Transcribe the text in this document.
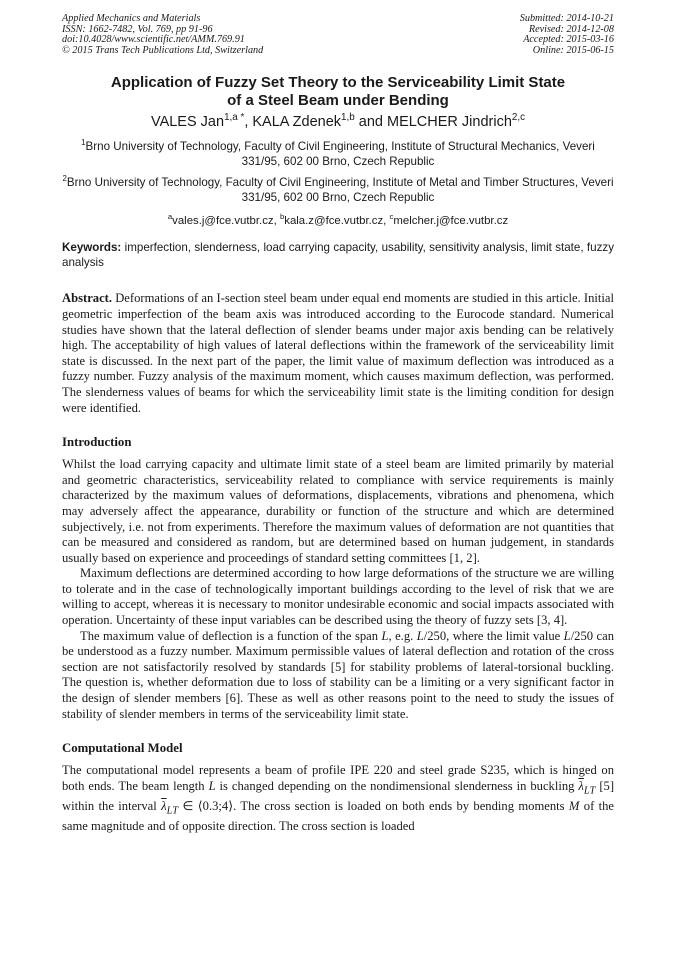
Applied Mechanics and Materials
ISSN: 1662-7482, Vol. 769, pp 91-96
doi:10.4028/www.scientific.net/AMM.769.91
© 2015 Trans Tech Publications Ltd, Switzerland
Submitted: 2014-10-21
Revised: 2014-12-08
Accepted: 2015-03-16
Online: 2015-06-15
Application of Fuzzy Set Theory to the Serviceability Limit State
of a Steel Beam under Bending
VALES Jan$^{1,a *}$, KALA Zdenek$^{1,b}$ and MELCHER Jindrich$^{2,c}$
$^1$Brno University of Technology, Faculty of Civil Engineering, Institute of Structural Mechanics, Veveri 331/95, 602 00 Brno, Czech Republic
$^2$Brno University of Technology, Faculty of Civil Engineering, Institute of Metal and Timber Structures, Veveri 331/95, 602 00 Brno, Czech Republic
$^a$vales.j@fce.vutbr.cz, $^b$kala.z@fce.vutbr.cz, $^c$melcher.j@fce.vutbr.cz
Keywords: imperfection, slenderness, load carrying capacity, usability, sensitivity analysis, limit state, fuzzy analysis
Abstract. Deformations of an I-section steel beam under equal end moments are studied in this article. Initial geometric imperfection of the beam axis was introduced according to the Eurocode standard. Numerical studies have shown that the lateral deflection of slender beams under major axis bending can be relatively high. The acceptability of high values of lateral deflections within the framework of the serviceability limit state is discussed. In the next part of the paper, the limit value of maximum deflection was introduced as a fuzzy number. Fuzzy analysis of the maximum moment, which causes maximum deflection, was performed. The slenderness values of beams for which the serviceability limit state is the limiting condition for design were identified.
Introduction

Whilst the load carrying capacity and ultimate limit state of a steel beam are limited primarily by material and geometric characteristics, serviceability related to compliance with service requirements is mainly characterized by the maximum values of deformations, displacements, vibrations and phenomena, which may adversely affect the appearance, durability or function of the structure and which are determined subjectively, i.e. not from experiments. Therefore the maximum values of deformation are not quantities that can be measured and considered as random, but are determined based on human judgement, in standards usually based on experience and proceedings of standard setting committees [1, 2].

Maximum deflections are determined according to how large deformations of the structure we are willing to tolerate and in the case of technologically important buildings according to the level of risk that we are willing to accept, whereas it is necessary to monitor undesirable economic and social impacts associated with operation. Uncertainty of these input variables can be described using the theory of fuzzy sets [3, 4].

The maximum value of deflection is a function of the span L, e.g. L/250, where the limit value L/250 can be understood as a fuzzy number. Maximum permissible values of lateral deflection and rotation of the cross section are not satisfactorily resolved by standards [5] for stability problems of lateral-torsional buckling. The question is, whether deformation due to loss of stability can be a limiting or a very significant factor in the design of slender members [6]. These as well as other reasons point to the need to study the issues of stability of slender members in terms of the serviceability limit state.

Computational Model

The computational model represents a beam of profile IPE 220 and steel grade S235, which is hinged on both ends. The beam length L is changed depending on the nondimensional slenderness in buckling $\overline{\lambda}_{LT}$ [5] within the interval $\overline{\lambda}_{LT}$ ∈ ⟨0.3;4⟩. The cross section is loaded on both ends by bending moments M of the same magnitude and of opposite direction. The cross section is loaded
